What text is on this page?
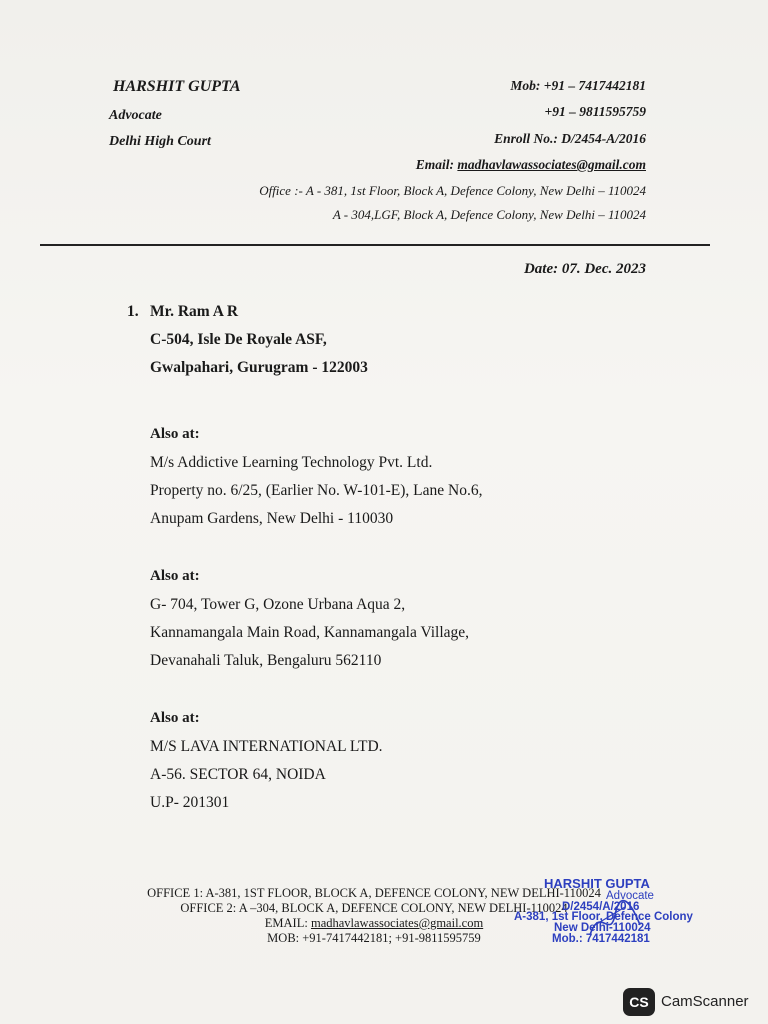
HARSHIT GUPTA
Advocate
Delhi High Court
Mob: +91 – 7417442181
+91 – 9811595759
Enroll No.: D/2454-A/2016
Email: madhavlawassociates@gmail.com
Office :- A - 381, 1st Floor, Block A, Defence Colony, New Delhi – 110024
A - 304,LGF, Block A, Defence Colony, New Delhi – 110024
Date: 07. Dec. 2023
1. Mr. Ram A R
C-504, Isle De Royale ASF,
Gwalpahari, Gurugram - 122003
Also at:
M/s Addictive Learning Technology Pvt. Ltd.
Property no. 6/25, (Earlier No. W-101-E), Lane No.6,
Anupam Gardens, New Delhi - 110030
Also at:
G- 704, Tower G, Ozone Urbana Aqua 2,
Kannamangala Main Road, Kannamangala Village,
Devanahali Taluk, Bengaluru 562110
Also at:
M/S LAVA INTERNATIONAL LTD.
A-56. SECTOR 64, NOIDA
U.P- 201301
OFFICE 1: A-381, 1ST FLOOR, BLOCK A, DEFENCE COLONY, NEW DELHI-110024
OFFICE 2: A –304, BLOCK A, DEFENCE COLONY, NEW DELHI-110024
EMAIL: madhavlawassociates@gmail.com
MOB: +91-7417442181; +91-9811595759
HARSHIT GUPTA
Advocate
D/2454/A/2016
A-381, 1st Floor, Defence Colony
New Delhi-110024
Mob.: 7417442181
CS CamScanner
